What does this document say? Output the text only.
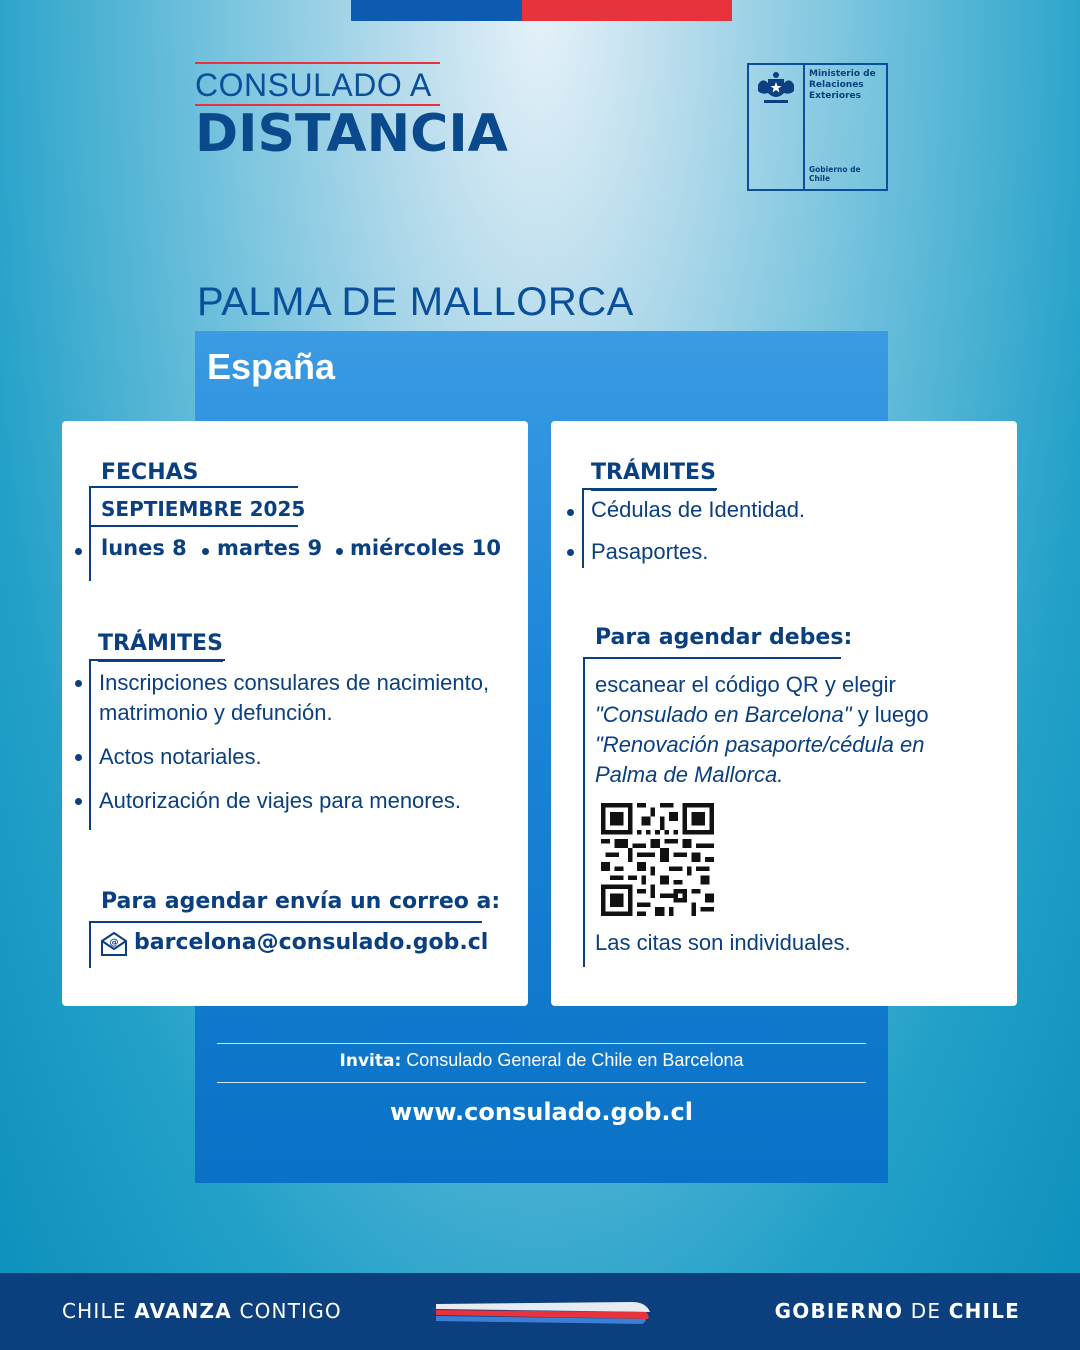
CONSULADO A
DISTANCIA
Ministerio de Relaciones Exteriores
Gobierno de Chile
PALMA DE MALLORCA
España
FECHAS
SEPTIEMBRE 2025
lunes 8 martes 9 miércoles 10
TRÁMITES
Inscripciones consulares de nacimiento, matrimonio y defunción.
Actos notariales.
Autorización de viajes para menores.
Para agendar envía un correo a:
@ barcelona@consulado.gob.cl
TRÁMITES
Cédulas de Identidad.
Pasaportes.
Para agendar debes:
escanear el código QR y elegir
"Consulado en Barcelona" y luego
"Renovación pasaporte/cédula en Palma de Mallorca.
Las citas son individuales.
Invita: Consulado General de Chile en Barcelona
www.consulado.gob.cl
CHILE AVANZA CONTIGO	GOBIERNO DE CHILE
